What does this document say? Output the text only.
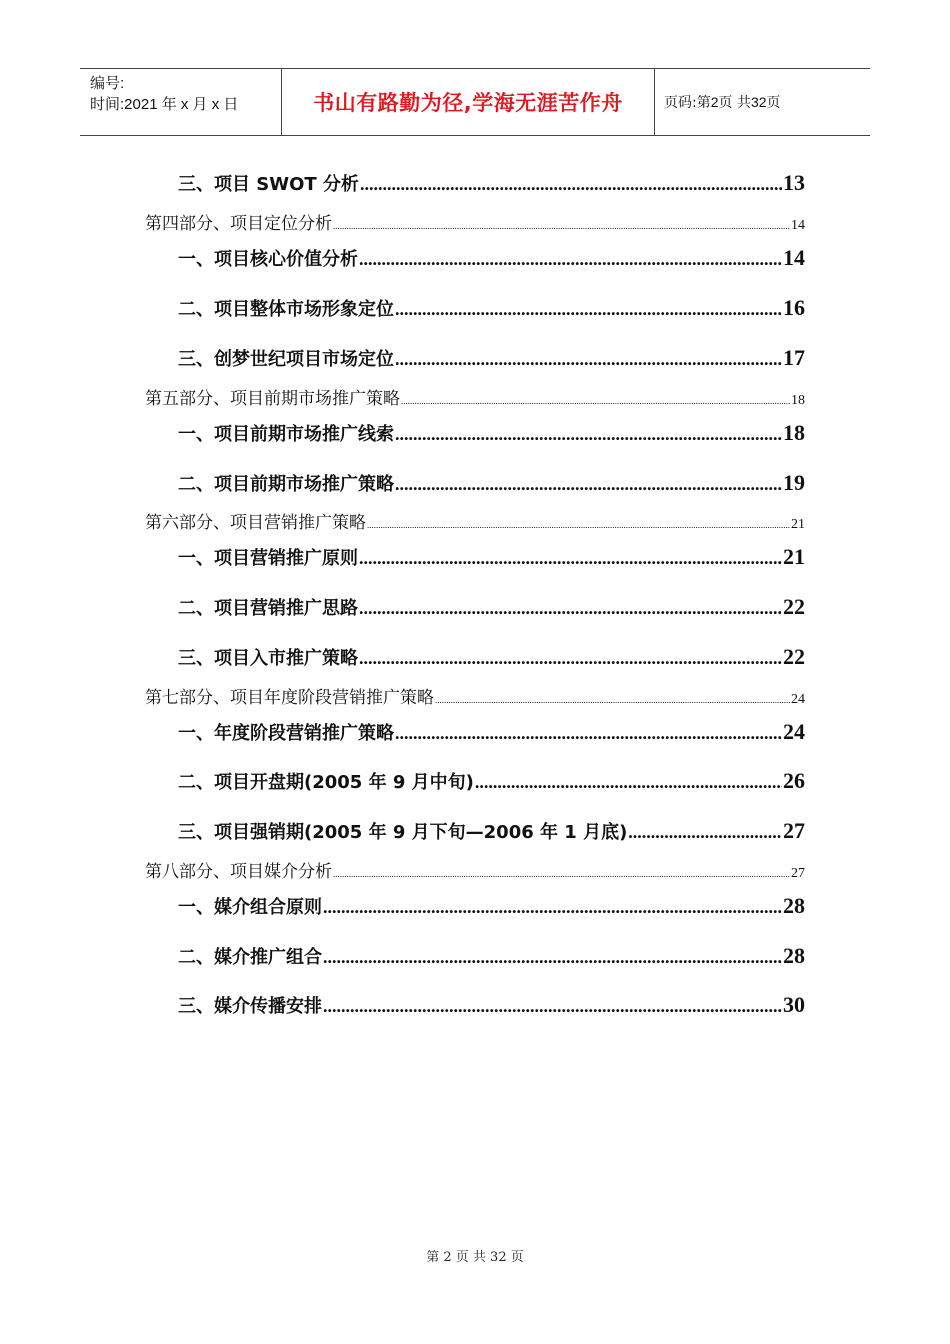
编号:
时间:2021 年 x 月 x 日	书山有路勤为径,学海无涯苦作舟	页码:第 2 页 共 32 页
三、项目 SWOT 分析 .....	13
第四部分、项目定位分析 .....	14
一、项目核心价值分析 .....	14
二、项目整体市场形象定位 .....	16
三、创梦世纪项目市场定位 .....	17
第五部分、项目前期市场推广策略 .....	18
一、项目前期市场推广线索 .....	18
二、项目前期市场推广策略 .....	19
第六部分、项目营销推广策略 .....	21
一、项目营销推广原则 .....	21
二、项目营销推广思路 .....	22
三、项目入市推广策略 .....	22
第七部分、项目年度阶段营销推广策略 .....	24
一、年度阶段营销推广策略 .....	24
二、项目开盘期(2005 年 9 月中旬) .....	26
三、项目强销期(2005 年 9 月下旬—2006 年 1 月底) .....	27
第八部分、项目媒介分析 .....	27
一、媒介组合原则 .....	28
二、媒介推广组合 .....	28
三、媒介传播安排 .....	30
第 2 页 共 32 页
